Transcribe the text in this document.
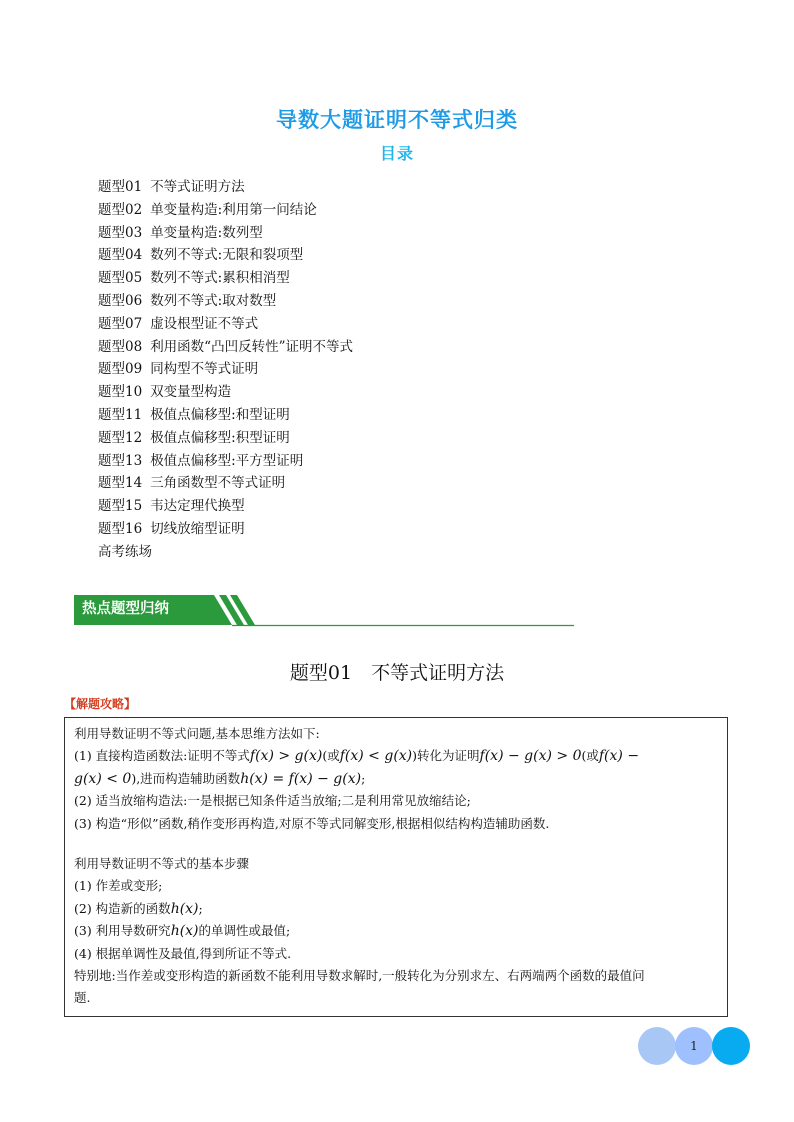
导数大题证明不等式归类
目录
题型01 不等式证明方法
题型02 单变量构造:利用第一问结论
题型03 单变量构造:数列型
题型04 数列不等式:无限和裂项型
题型05 数列不等式:累积相消型
题型06 数列不等式:取对数型
题型07 虚设根型证不等式
题型08 利用函数“凸凹反转性”证明不等式
题型09 同构型不等式证明
题型10 双变量型构造
题型11 极值点偏移型:和型证明
题型12 极值点偏移型:积型证明
题型13 极值点偏移型:平方型证明
题型14 三角函数型不等式证明
题型15 韦达定理代换型
题型16 切线放缩型证明
高考练场
热点题型归纳
题型01　不等式证明方法
【解题攻略】

利用导数证明不等式问题,基本思维方法如下:

(1) 直接构造函数法:证明不等式f(x) > g(x)(或f(x) < g(x))转化为证明f(x) − g(x) > 0(或f(x) −

g(x) < 0),进而构造辅助函数h(x) = f(x) − g(x);

(2) 适当放缩构造法:一是根据已知条件适当放缩;二是利用常见放缩结论;

(3) 构造“形似”函数,稍作变形再构造,对原不等式同解变形,根据相似结构构造辅助函数.

利用导数证明不等式的基本步骤

(1) 作差或变形;

(2) 构造新的函数h(x);

(3) 利用导数研究h(x)的单调性或最值;

(4) 根据单调性及最值,得到所证不等式.

特别地:当作差或变形构造的新函数不能利用导数求解时,一般转化为分别求左、右两端两个函数的最值问

题.

1
